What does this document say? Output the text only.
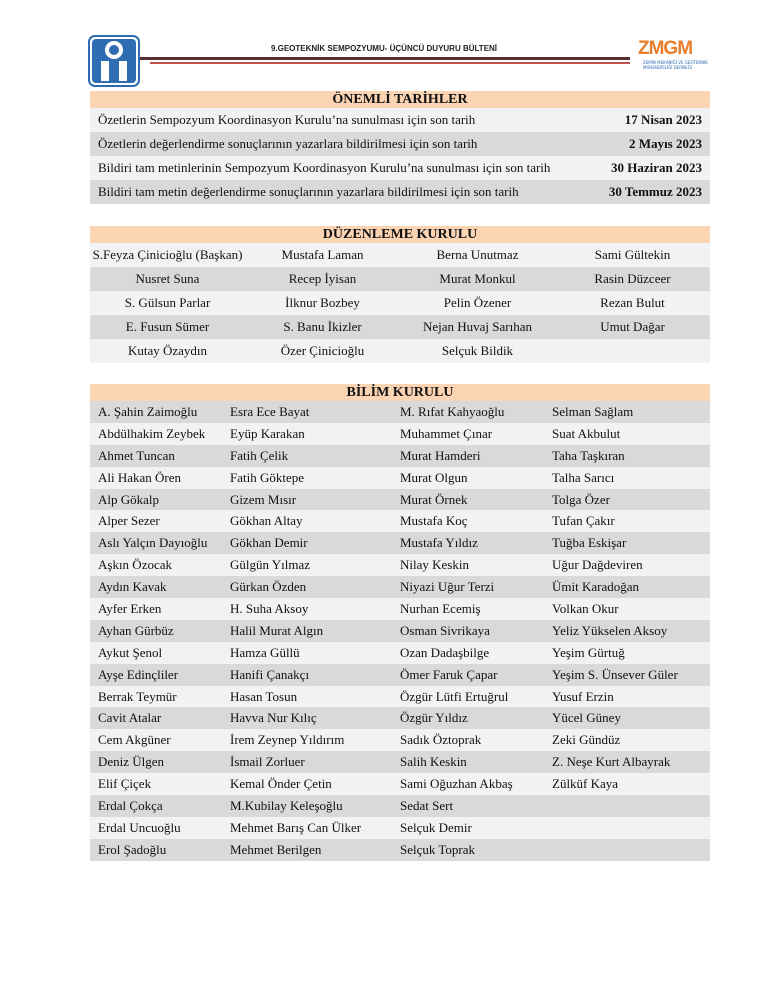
9.GEOTEKNİK SEMPOZYUMU- ÜÇÜNCÜ DUYURU BÜLTENİ	ZMGM
ZEMİN MEKANİĞİ VE GEOTEKNİK MÜHENDİSLİĞİ DERNEĞİ
ÖNEMLİ TARİHLER
Özetlerin Sempozyum Koordinasyon Kurulu’na sunulması için son tarih	17 Nisan 2023
Özetlerin değerlendirme sonuçlarının yazarlara bildirilmesi için son tarih	2 Mayıs 2023
Bildiri tam metinlerinin Sempozyum Koordinasyon Kurulu’na sunulması için son tarih	30 Haziran 2023
Bildiri tam metin değerlendirme sonuçlarının yazarlara bildirilmesi için son tarih	30 Temmuz 2023
DÜZENLEME KURULU
S.Feyza Çinicioğlu (Başkan)	Mustafa Laman	Berna Unutmaz	Sami Gültekin
Nusret Suna	Recep İyisan	Murat Monkul	Rasin Düzceer
S. Gülsun Parlar	İlknur Bozbey	Pelin Özener	Rezan Bulut
E. Fusun Sümer	S. Banu İkizler	Nejan Huvaj Sarıhan	Umut Dağar
Kutay Özaydın	Özer Çinicioğlu	Selçuk Bildik
BİLİM KURULU
A. Şahin Zaimoğlu	Esra Ece Bayat	M. Rıfat Kahyaoğlu	Selman Sağlam
Abdülhakim Zeybek	Eyüp Karakan	Muhammet Çınar	Suat Akbulut
Ahmet Tuncan	Fatih Çelik	Murat Hamderi	Taha Taşkıran
Ali Hakan Ören	Fatih Göktepe	Murat Olgun	Talha Sarıcı
Alp Gökalp	Gizem Mısır	Murat Örnek	Tolga Özer
Alper Sezer	Gökhan Altay	Mustafa Koç	Tufan Çakır
Aslı Yalçın Dayıoğlu	Gökhan Demir	Mustafa Yıldız	Tuğba Eskişar
Aşkın Özocak	Gülgün Yılmaz	Nilay Keskin	Uğur Dağdeviren
Aydın Kavak	Gürkan Özden	Niyazi Uğur Terzi	Ümit Karadoğan
Ayfer Erken	H. Suha Aksoy	Nurhan Ecemiş	Volkan Okur
Ayhan Gürbüz	Halil Murat Algın	Osman Sivrikaya	Yeliz Yükselen Aksoy
Aykut Şenol	Hamza Güllü	Ozan Dadaşbilge	Yeşim Gürtuğ
Ayşe Edinçliler	Hanifi Çanakçı	Ömer Faruk Çapar	Yeşim S. Ünsever Güler
Berrak Teymür	Hasan Tosun	Özgür Lütfi Ertuğrul	Yusuf Erzin
Cavit Atalar	Havva Nur Kılıç	Özgür Yıldız	Yücel Güney
Cem Akgüner	İrem Zeynep Yıldırım	Sadık Öztoprak	Zeki Gündüz
Deniz Ülgen	İsmail Zorluer	Salih Keskin	Z. Neşe Kurt Albayrak
Elif Çiçek	Kemal Önder Çetin	Sami Oğuzhan Akbaş	Zülküf Kaya
Erdal Çokça	M.Kubilay Keleşoğlu	Sedat Sert
Erdal Uncuoğlu	Mehmet Barış Can Ülker	Selçuk Demir
Erol Şadoğlu	Mehmet Berilgen	Selçuk Toprak
